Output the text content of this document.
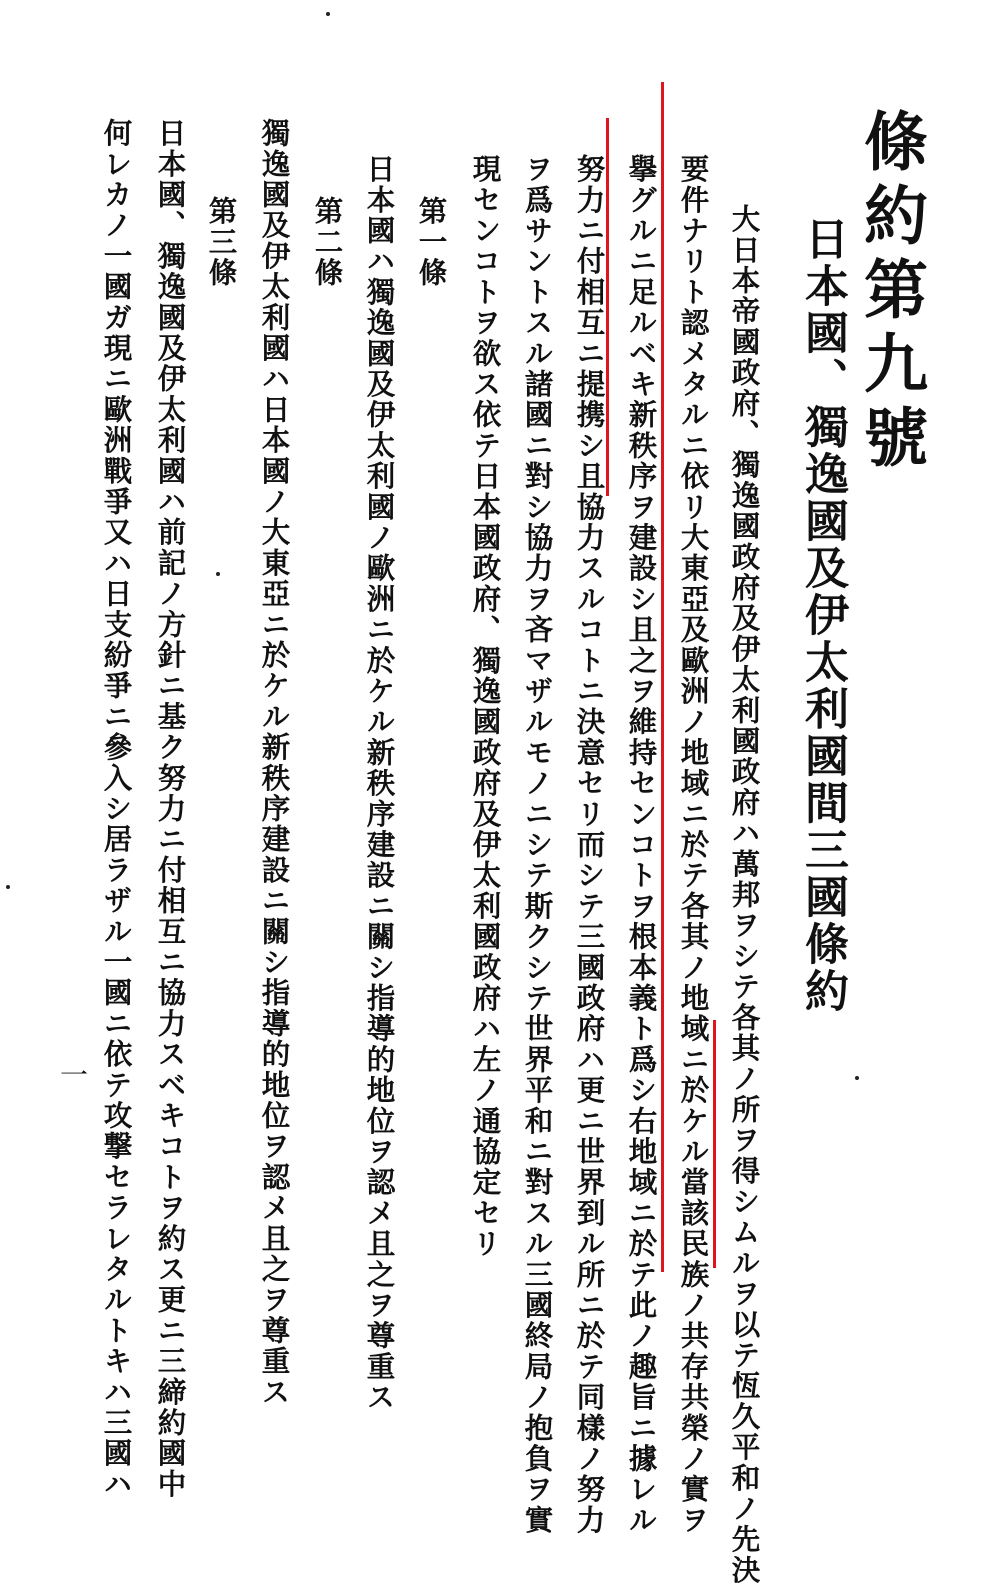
條約第九號
日本國、獨逸國及伊太利國間三國條約
大日本帝國政府、獨逸國政府及伊太利國政府ハ萬邦ヲシテ各其ノ所ヲ得シムルヲ以テ恆久平和ノ先決
要件ナリト認メタルニ依リ大東亞及歐洲ノ地域ニ於テ各其ノ地域ニ於ケル當該民族ノ共存共榮ノ實ヲ
擧グルニ足ルベキ新秩序ヲ建設シ且之ヲ維持センコトヲ根本義ト爲シ右地域ニ於テ此ノ趣旨ニ據レル
努力ニ付相互ニ提携シ且協力スルコトニ決意セリ而シテ三國政府ハ更ニ世界到ル所ニ於テ同樣ノ努力
ヲ爲サントスル諸國ニ對シ協力ヲ吝マザルモノニシテ斯クシテ世界平和ニ對スル三國終局ノ抱負ヲ實
現センコトヲ欲ス依テ日本國政府、獨逸國政府及伊太利國政府ハ左ノ通協定セリ
第一條
日本國ハ獨逸國及伊太利國ノ歐洲ニ於ケル新秩序建設ニ關シ指導的地位ヲ認メ且之ヲ尊重ス
第二條
獨逸國及伊太利國ハ日本國ノ大東亞ニ於ケル新秩序建設ニ關シ指導的地位ヲ認メ且之ヲ尊重ス
第三條
日本國、獨逸國及伊太利國ハ前記ノ方針ニ基ク努力ニ付相互ニ協力スベキコトヲ約ス更ニ三締約國中
何レカノ一國ガ現ニ歐洲戰爭又ハ日支紛爭ニ參入シ居ラザル一國ニ依テ攻撃セラレタルトキハ三國ハ
一
